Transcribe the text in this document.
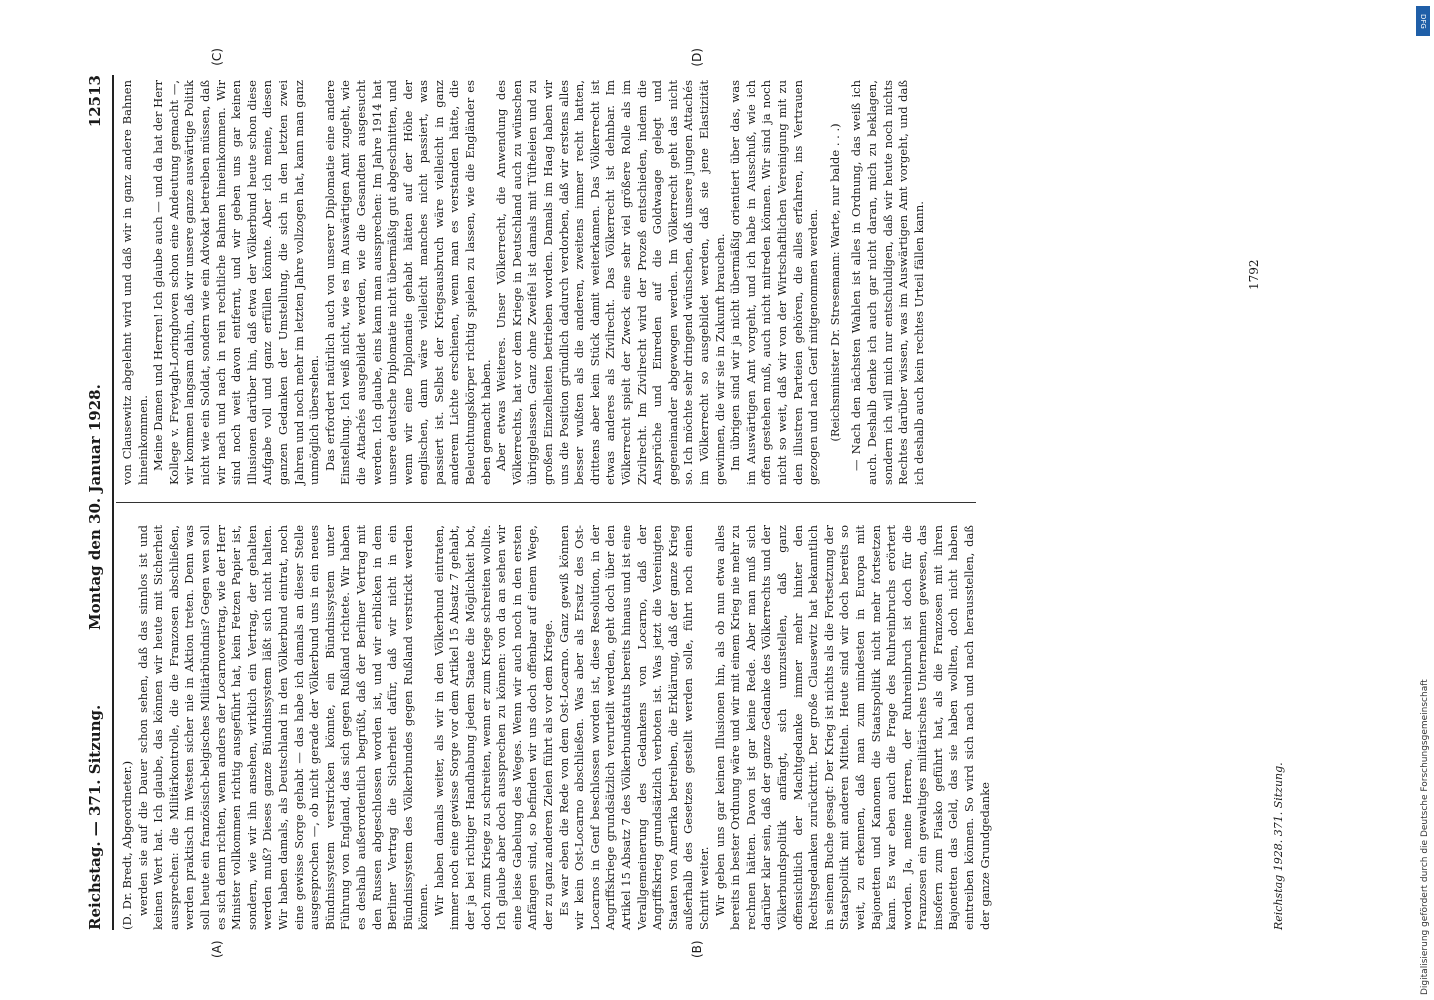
Reichstag. — 371. Sitzung.
Montag den 30. Januar 1928.
12513

(D. Dr. Bredt, Abgeordneter.) werden sie auf die Dauer schon sehen, daß das sinnlos ist und keinen Wert hat. Ich glaube, das können wir heute mit Sicherheit aussprechen: die Militärkontrolle, die die Franzosen abschließen, werden praktisch im Westen sicher nie in Aktion treten. Denn was soll heute ein französisch-belgisches Militärbündnis? Gegen wen soll es sich denn richten, wenn anders der Locarnovertrag, wie der Herr Minister vollkommen richtig ausgeführt hat, kein Fetzen Papier ist, sondern, wie wir ihn ansehen, wirklich ein Vertrag, der gehalten werden muß? Dieses ganze Bündnissystem läßt sich nicht halten. Wir haben damals, als Deutschland in den Völkerbund eintrat, noch eine gewisse Sorge gehabt — das habe ich damals an dieser Stelle ausgesprochen —, ob nicht gerade der Völkerbund uns in ein neues Bündnissystem verstricken könnte, ein Bündnissystem unter Führung von England, das sich gegen Rußland richtete. Wir haben es deshalb außerordentlich begrüßt, daß der Berliner Vertrag mit den Russen abgeschlossen worden ist, und wir erblicken in dem Berliner Vertrag die Sicherheit dafür, daß wir nicht in ein Bündnissystem des Völkerbundes gegen Rußland verstrickt werden können. Wir haben damals weiter, als wir in den Völkerbund eintraten, immer noch eine gewisse Sorge vor dem Artikel 15 Absatz 7 gehabt, der ja bei richtiger Handhabung jedem Staate die Möglichkeit bot, doch zum Kriege zu schreiten, wenn er zum Kriege schreiten wollte. Ich glaube aber doch aussprechen zu können: von da an sehen wir eine leise Gabelung des Weges. Wenn wir auch noch in den ersten Anfängen sind, so befinden wir uns doch offenbar auf einem Wege, der zu ganz anderen Zielen führt als vor dem Kriege. Es war eben die Rede von dem Ost-Locarno. Ganz gewiß können wir kein Ost-Locarno abschließen. Was aber als Ersatz des Ost-Locarnos in Genf beschlossen worden ist, diese Resolution, in der Angriffskriege grundsätzlich verurteilt werden, geht doch über den Artikel 15 Absatz 7 des Völkerbundstatuts bereits hinaus und ist eine Verallgemeinerung des Gedankens von Locarno, daß der Angriffskrieg grundsätzlich verboten ist. Was jetzt die Vereinigten Staaten von Amerika betreiben, die Erklärung, daß der ganze Krieg außerhalb des Gesetzes gestellt werden solle, führt noch einen Schritt weiter. Wir geben uns gar keinen Illusionen hin, als ob nun etwa alles bereits in bester Ordnung wäre und wir mit einem Krieg nie mehr zu rechnen hätten. Davon ist gar keine Rede. Aber man muß sich darüber klar sein, daß der ganze Gedanke des Völkerrechts und der Völkerbundspolitik anfängt, sich umzustellen, daß ganz offensichtlich der Machtgedanke immer mehr hinter den Rechtsgedanken zurücktritt. Der große Clausewitz hat bekanntlich in seinem Buche gesagt: Der Krieg ist nichts als die Fortsetzung der Staatspolitik mit anderen Mitteln. Heute sind wir doch bereits so weit, zu erkennen, daß man zum mindesten in Europa mit Bajonetten und Kanonen die Staatspolitik nicht mehr fortsetzen kann. Es war eben auch die Frage des Ruhreinbruchs erörtert worden. Ja, meine Herren, der Ruhreinbruch ist doch für die Franzosen ein gewaltiges militärisches Unternehmen gewesen, das insofern zum Fiasko geführt hat, als die Franzosen mit ihren Bajonetten das Geld, das sie haben wollten, doch nicht haben eintreiben können. So wird sich nach und nach herausstellen, daß der ganze Grundgedanke

(A)	(B)

von Clausewitz abgelehnt wird und daß wir in ganz andere Bahnen hineinkommen. Meine Damen und Herren! Ich glaube auch — und da hat der Herr Kollege v. Freytagh-Loringhoven schon eine Andeutung gemacht —, wir kommen langsam dahin, daß wir unsere ganze auswärtige Politik nicht wie ein Soldat, sondern wie ein Advokat betreiben müssen, daß wir nach und nach in rein rechtliche Bahnen hineinkommen. Wir sind noch weit davon entfernt, und wir geben uns gar keinen Illusionen darüber hin, daß etwa der Völkerbund heute schon diese Aufgabe voll und ganz erfüllen könnte. Aber ich meine, diesen ganzen Gedanken der Umstellung, die sich in den letzten zwei Jahren und noch mehr im letzten Jahre vollzogen hat, kann man ganz unmöglich übersehen. Das erfordert natürlich auch von unserer Diplomatie eine andere Einstellung. Ich weiß nicht, wie es im Auswärtigen Amt zugeht, wie die Attachés ausgebildet werden, wie die Gesandten ausgesucht werden. Ich glaube, eins kann man aussprechen: Im Jahre 1914 hat unsere deutsche Diplomatie nicht übermäßig gut abgeschnitten, und wenn wir eine Diplomatie gehabt hätten auf der Höhe der englischen, dann wäre vielleicht manches nicht passiert, was passiert ist. Selbst der Kriegsausbruch wäre vielleicht in ganz anderem Lichte erschienen, wenn man es verstanden hätte, die Beleuchtungskörper richtig spielen zu lassen, wie die Engländer es eben gemacht haben. Aber etwas Weiteres. Unser Völkerrecht, die Anwendung des Völkerrechts, hat vor dem Kriege in Deutschland auch zu wünschen übriggelassen. Ganz ohne Zweifel ist damals mit Tüfteleien und zu großen Einzelheiten betrieben worden. Damals im Haag haben wir uns die Position gründlich dadurch verdorben, daß wir erstens alles besser wußten als die anderen, zweitens immer recht hatten, drittens aber kein Stück damit weiterkamen. Das Völkerrecht ist etwas anderes als Zivilrecht. Das Völkerrecht ist dehnbar. Im Völkerrecht spielt der Zweck eine sehr viel größere Rolle als im Zivilrecht. Im Zivilrecht wird der Prozeß entschieden, indem die Ansprüche und Einreden auf die Goldwaage gelegt und gegeneinander abgewogen werden. Im Völkerrecht geht das nicht so. Ich möchte sehr dringend wünschen, daß unsere jungen Attachés im Völkerrecht so ausgebildet werden, daß sie jene Elastizität gewinnen, die wir sie in Zukunft brauchen. Im übrigen sind wir ja nicht übermäßig orientiert über das, was im Auswärtigen Amt vorgeht, und ich habe in Ausschuß, wie ich offen gestehen muß, auch nicht mitreden können. Wir sind ja noch nicht so weit, daß wir von der Wirtschaftlichen Vereinigung mit zu den illustren Parteien gehören, die alles erfahren, ins Vertrauen gezogen und nach Genf mitgenommen werden. (Reichsminister Dr. Stresemann: Warte, nur balde . . .) — Nach den nächsten Wahlen ist alles in Ordnung, das weiß ich auch. Deshalb denke ich auch gar nicht daran, mich zu beklagen, sondern ich will mich nur entschuldigen, daß wir heute noch nichts Rechtes darüber wissen, was im Auswärtigen Amt vorgeht, und daß ich deshalb auch kein rechtes Urteil fällen kann.

(C)	(D)
Reichstag 1928. 371. Sitzung.
1792
Digitalisierung gefördert durch die Deutsche Forschungsgemeinschaft
DFG
